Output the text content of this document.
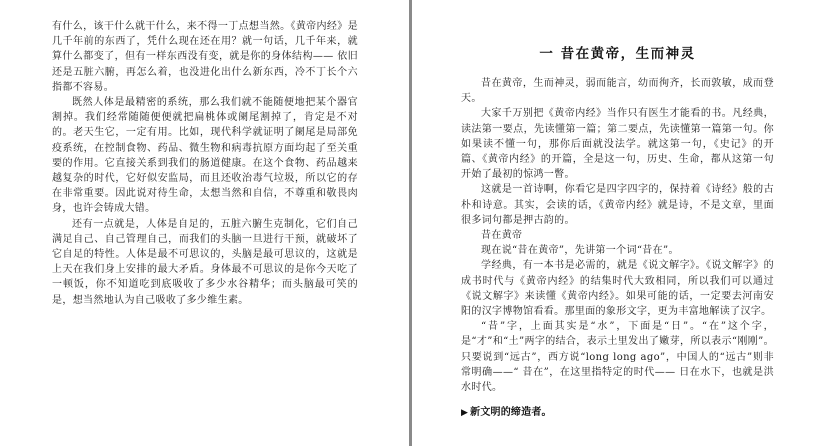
有什么，该干什么就干什么，来不得一丁点想当然。《黄帝内经》是几千年前的东西了，凭什么现在还在用？就一句话，几千年来，就算什么都变了，但有一样东西没有变，就是你的身体结构—— 依旧还是五脏六腑，再怎么着，也没进化出什么新东西，冷不丁长个六指都不容易。

既然人体是最精密的系统，那么我们就不能随便地把某个器官割掉。我们经常随随便便就把扁桃体或阑尾割掉了，肯定是不对的。老天生它，一定有用。比如，现代科学就证明了阑尾是局部免疫系统，在控制食物、药品、微生物和病毒抗原方面均起了至关重要的作用。它直接关系到我们的肠道健康。在这个食物、药品越来越复杂的时代，它好似安监局，而且还收治毒气垃圾，所以它的存在非常重要。因此说对待生命，太想当然和自信，不尊重和敬畏肉身，也许会铸成大错。

还有一点就是，人体是自足的，五脏六腑生克制化，它们自己满足自己、自己管理自己，而我们的头脑一旦进行干预，就破坏了它自足的特性。人体是最不可思议的，头脑是最可思议的，这就是上天在我们身上安排的最大矛盾。身体最不可思议的是你今天吃了一顿饭，你不知道吃到底吸收了多少水谷精华；而头脑最可笑的是，想当然地认为自己吸收了多少维生素。

一 昔在黄帝，生而神灵

昔在黄帝，生而神灵，弱而能言，幼而徇齐，长而敦敏，成而登天。

大家千万别把《黄帝内经》当作只有医生才能看的书。凡经典，读法第一要点，先读懂第一篇；第二要点，先读懂第一篇第一句。你如果读不懂一句，那你后面就没法学。就这第一句，《史记》的开篇、《黄帝内经》的开篇，全是这一句，历史、生命，都从这第一句开始了最初的惊鸿一瞥。

这就是一首诗啊，你看它是四字四字的，保持着《诗经》般的古朴和诗意。其实，会读的话，《黄帝内经》就是诗，不是文章，里面很多词句都是押古韵的。

昔在黄帝

现在说“昔在黄帝”，先讲第一个词“昔在”。

学经典，有一本书是必需的，就是《说文解字》。《说文解字》的成书时代与《黄帝内经》的结集时代大致相同，所以我们可以通过《说文解字》来读懂《黄帝内经》。如果可能的话，一定要去河南安阳的汉字博物馆看看。那里面的象形文字，更为丰富地解读了汉字。

“昔”字，上面其实是“水”，下面是“日”。“在”这个字，是“才”和“土”两字的结合，表示土里发出了嫩芽，所以表示“刚刚”。只要说到“远古”，西方说“long long ago”，中国人的“远古”则非常明确——“ 昔在”，在这里指特定的时代—— 日在水下，也就是洪水时代。

▶ 新文明的缔造者。
